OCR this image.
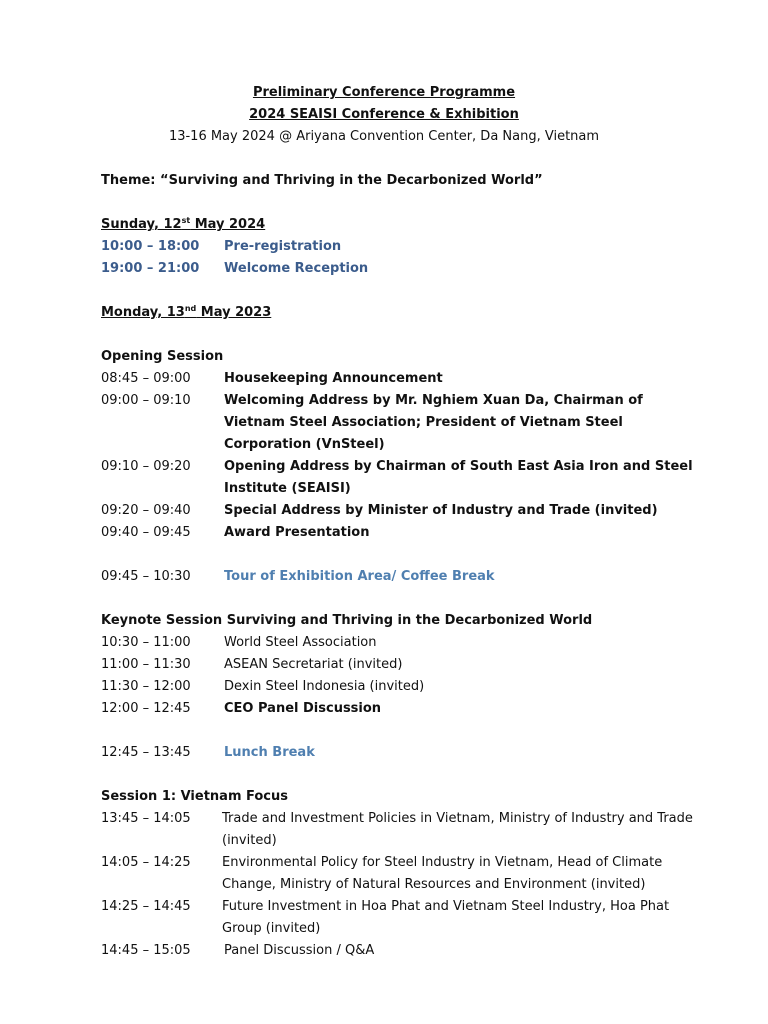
Preliminary Conference Programme
2024 SEAISI Conference & Exhibition
13-16 May 2024 @ Ariyana Convention Center, Da Nang, Vietnam
Theme: “Surviving and Thriving in the Decarbonized World”
Sunday, 12st May 2024
10:00 – 18:00 Pre-registration
19:00 – 21:00 Welcome Reception
Monday, 13nd May 2023
Opening Session
08:45 – 09:00	Housekeeping Announcement
09:00 – 09:10	Welcoming Address by Mr. Nghiem Xuan Da, Chairman of
Vietnam Steel Association; President of Vietnam Steel
Corporation (VnSteel)
09:10 – 09:20	Opening Address by Chairman of South East Asia Iron and Steel
Institute (SEAISI)
09:20 – 09:40	Special Address by Minister of Industry and Trade (invited)
09:40 – 09:45	Award Presentation
09:45 – 10:30	Tour of Exhibition Area/ Coffee Break
Keynote Session Surviving and Thriving in the Decarbonized World
10:30 – 11:00	World Steel Association
11:00 – 11:30	ASEAN Secretariat (invited)
11:30 – 12:00	Dexin Steel Indonesia (invited)
12:00 – 12:45	CEO Panel Discussion
12:45 – 13:45	Lunch Break
Session 1: Vietnam Focus
13:45 – 14:05 Trade and Investment Policies in Vietnam, Ministry of Industry and Trade
(invited)
14:05 – 14:25 Environmental Policy for Steel Industry in Vietnam, Head of Climate
Change, Ministry of Natural Resources and Environment (invited)
14:25 – 14:45 Future Investment in Hoa Phat and Vietnam Steel Industry, Hoa Phat
Group (invited)
14:45 – 15:05	Panel Discussion / Q&A
